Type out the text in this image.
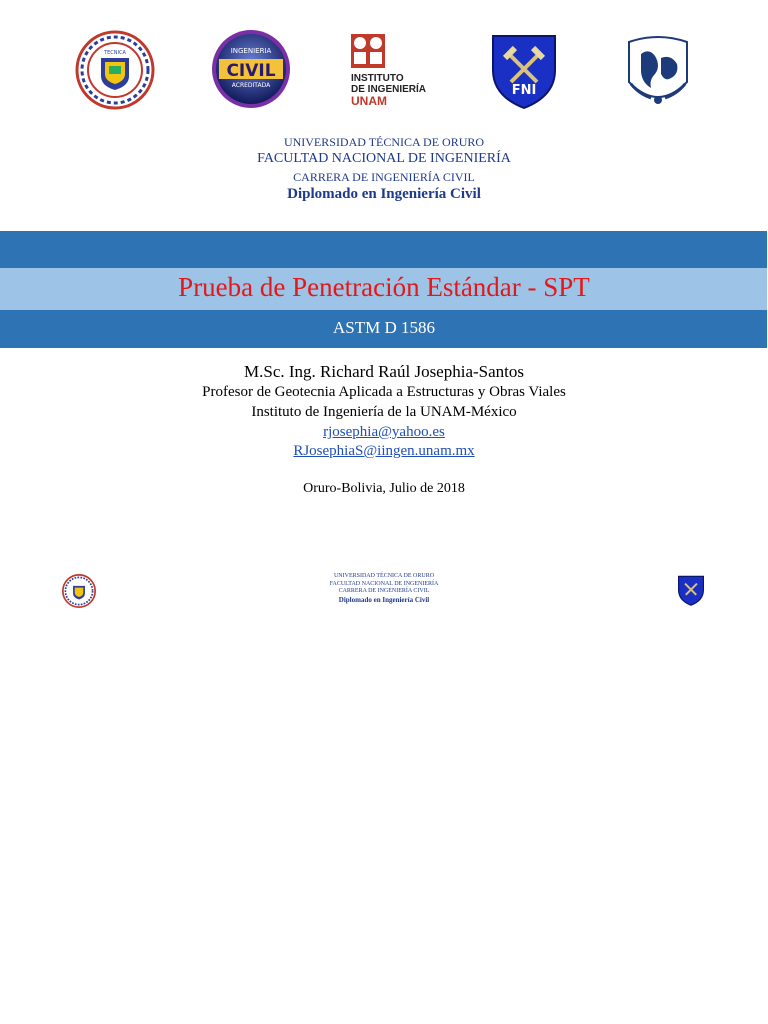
TECNICA	INGENIERIA
CIVIL
ACREDITADA
INSTITUTO
DE INGENIERÍA
UNAM
FNI
UNIVERSIDAD TÉCNICA DE ORURO
FACULTAD NACIONAL DE INGENIERÍA
CARRERA DE INGENIERÍA CIVIL
Diplomado en Ingeniería Civil
Prueba de Penetración Estándar - SPT
ASTM D 1586
M.Sc. Ing. Richard Raúl Josephia-Santos
Profesor de Geotecnia Aplicada a Estructuras y Obras Viales
Instituto de Ingeniería de la UNAM-México
rjosephia@yahoo.es
RJosephiaS@iingen.unam.mx
Oruro-Bolivia, Julio de 2018
UNIVERSIDAD TÉCNICA DE ORURO
FACULTAD NACIONAL DE INGENIERÍA
CARRERA DE INGENIERÍA CIVIL
Diplomado en Ingeniería Civil
